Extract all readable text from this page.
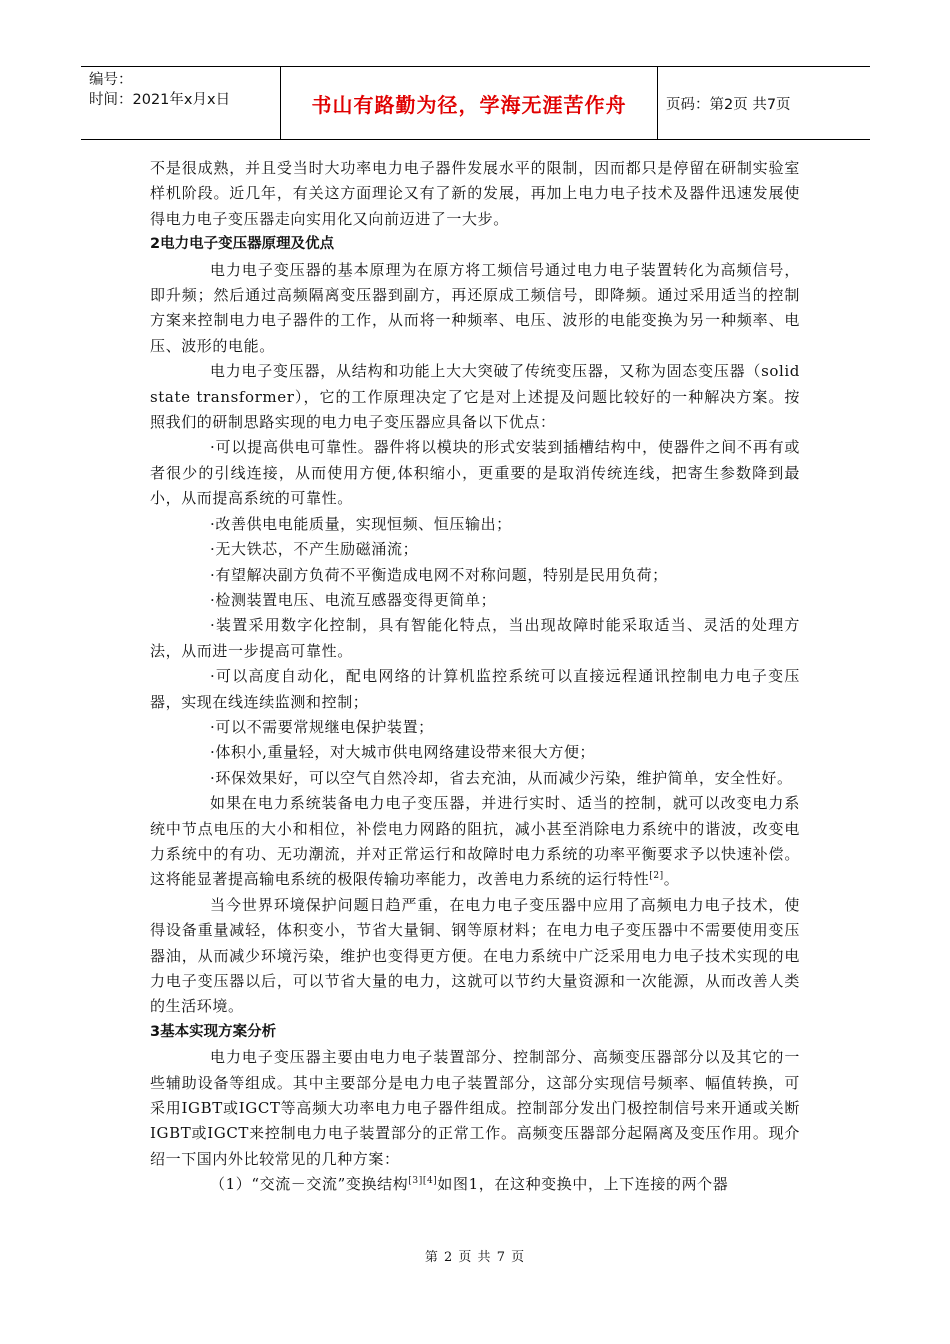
编号：
时间：2021年x月x日	书山有路勤为径，学海无涯苦作舟	页码：第2页 共7页

不是很成熟，并且受当时大功率电力电子器件发展水平的限制，因而都只是停留在研制实验室样机阶段。近几年，有关这方面理论又有了新的发展，再加上电力电子技术及器件迅速发展使得电力电子变压器走向实用化又向前迈进了一大步。

2电力电子变压器原理及优点

电力电子变压器的基本原理为在原方将工频信号通过电力电子装置转化为高频信号，即升频；然后通过高频隔离变压器到副方，再还原成工频信号，即降频。通过采用适当的控制方案来控制电力电子器件的工作，从而将一种频率、电压、波形的电能变换为另一种频率、电压、波形的电能。

电力电子变压器，从结构和功能上大大突破了传统变压器，又称为固态变压器（solid state transformer），它的工作原理决定了它是对上述提及问题比较好的一种解决方案。按照我们的研制思路实现的电力电子变压器应具备以下优点：

·可以提高供电可靠性。器件将以模块的形式安装到插槽结构中，使器件之间不再有或者很少的引线连接，从而使用方便,体积缩小，更重要的是取消传统连线，把寄生参数降到最小，从而提高系统的可靠性。

·改善供电电能质量，实现恒频、恒压输出；

·无大铁芯，不产生励磁涌流；

·有望解决副方负荷不平衡造成电网不对称问题，特别是民用负荷；

·检测装置电压、电流互感器变得更简单；

·装置采用数字化控制，具有智能化特点，当出现故障时能采取适当、灵活的处理方法，从而进一步提高可靠性。

·可以高度自动化，配电网络的计算机监控系统可以直接远程通讯控制电力电子变压器，实现在线连续监测和控制；

·可以不需要常规继电保护装置；

·体积小,重量轻，对大城市供电网络建设带来很大方便；

·环保效果好，可以空气自然冷却，省去充油，从而减少污染，维护简单，安全性好。

如果在电力系统装备电力电子变压器，并进行实时、适当的控制，就可以改变电力系统中节点电压的大小和相位，补偿电力网路的阻抗，减小甚至消除电力系统中的谐波，改变电力系统中的有功、无功潮流，并对正常运行和故障时电力系统的功率平衡要求予以快速补偿。这将能显著提高输电系统的极限传输功率能力，改善电力系统的运行特性[2]。

当今世界环境保护问题日趋严重，在电力电子变压器中应用了高频电力电子技术，使得设备重量减轻，体积变小，节省大量铜、钢等原材料；在电力电子变压器中不需要使用变压器油，从而减少环境污染，维护也变得更方便。在电力系统中广泛采用电力电子技术实现的电力电子变压器以后，可以节省大量的电力，这就可以节约大量资源和一次能源，从而改善人类的生活环境。

3基本实现方案分析

电力电子变压器主要由电力电子装置部分、控制部分、高频变压器部分以及其它的一些辅助设备等组成。其中主要部分是电力电子装置部分，这部分实现信号频率、幅值转换，可采用IGBT或IGCT等高频大功率电力电子器件组成。控制部分发出门极控制信号来开通或关断IGBT或IGCT来控制电力电子装置部分的正常工作。高频变压器部分起隔离及变压作用。现介绍一下国内外比较常见的几种方案：

（1）“交流－交流”变换结构[3][4]如图1，在这种变换中，上下连接的两个器

第 2 页 共 7 页
